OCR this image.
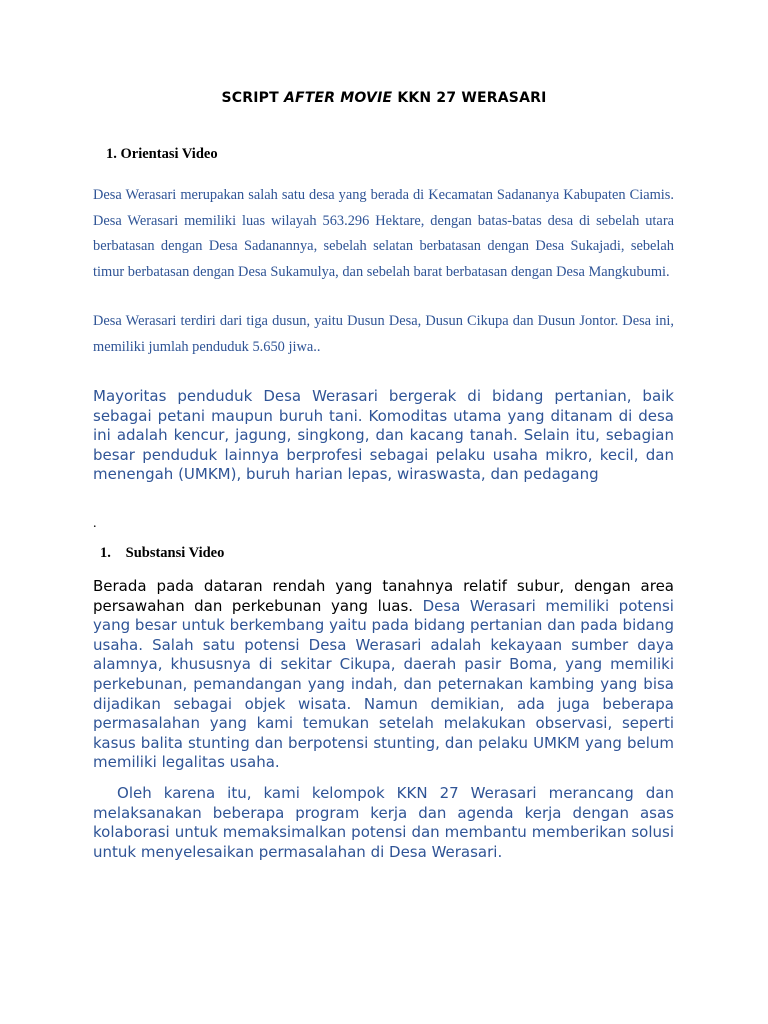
SCRIPT AFTER MOVIE KKN 27 WERASARI
1. Orientasi Video

Desa Werasari merupakan salah satu desa yang berada di Kecamatan Sadananya Kabupaten Ciamis. Desa Werasari memiliki luas wilayah 563.296 Hektare, dengan batas-batas desa di sebelah utara berbatasan dengan Desa Sadanannya, sebelah selatan berbatasan dengan Desa Sukajadi, sebelah timur berbatasan dengan Desa Sukamulya, dan sebelah barat berbatasan dengan Desa Mangkubumi.

Desa Werasari terdiri dari tiga dusun, yaitu Dusun Desa, Dusun Cikupa dan Dusun Jontor. Desa ini, memiliki jumlah penduduk 5.650 jiwa..

Mayoritas penduduk Desa Werasari bergerak di bidang pertanian, baik sebagai petani maupun buruh tani. Komoditas utama yang ditanam di desa ini adalah kencur, jagung, singkong, dan kacang tanah. Selain itu, sebagian besar penduduk lainnya berprofesi sebagai pelaku usaha mikro, kecil, dan menengah (UMKM), buruh harian lepas, wiraswasta, dan pedagang

.
1. Substansi Video

Berada pada dataran rendah yang tanahnya relatif subur, dengan area persawahan dan perkebunan yang luas. Desa Werasari memiliki potensi yang besar untuk berkembang yaitu pada bidang pertanian dan pada bidang usaha. Salah satu potensi Desa Werasari adalah kekayaan sumber daya alamnya, khususnya di sekitar Cikupa, daerah pasir Boma, yang memiliki perkebunan, pemandangan yang indah, dan peternakan kambing yang bisa dijadikan sebagai objek wisata. Namun demikian, ada juga beberapa permasalahan yang kami temukan setelah melakukan observasi, seperti kasus balita stunting dan berpotensi stunting, dan pelaku UMKM yang belum memiliki legalitas usaha.

Oleh karena itu, kami kelompok KKN 27 Werasari merancang dan melaksanakan beberapa program kerja dan agenda kerja dengan asas kolaborasi untuk memaksimalkan potensi dan membantu memberikan solusi untuk menyelesaikan permasalahan di Desa Werasari.
